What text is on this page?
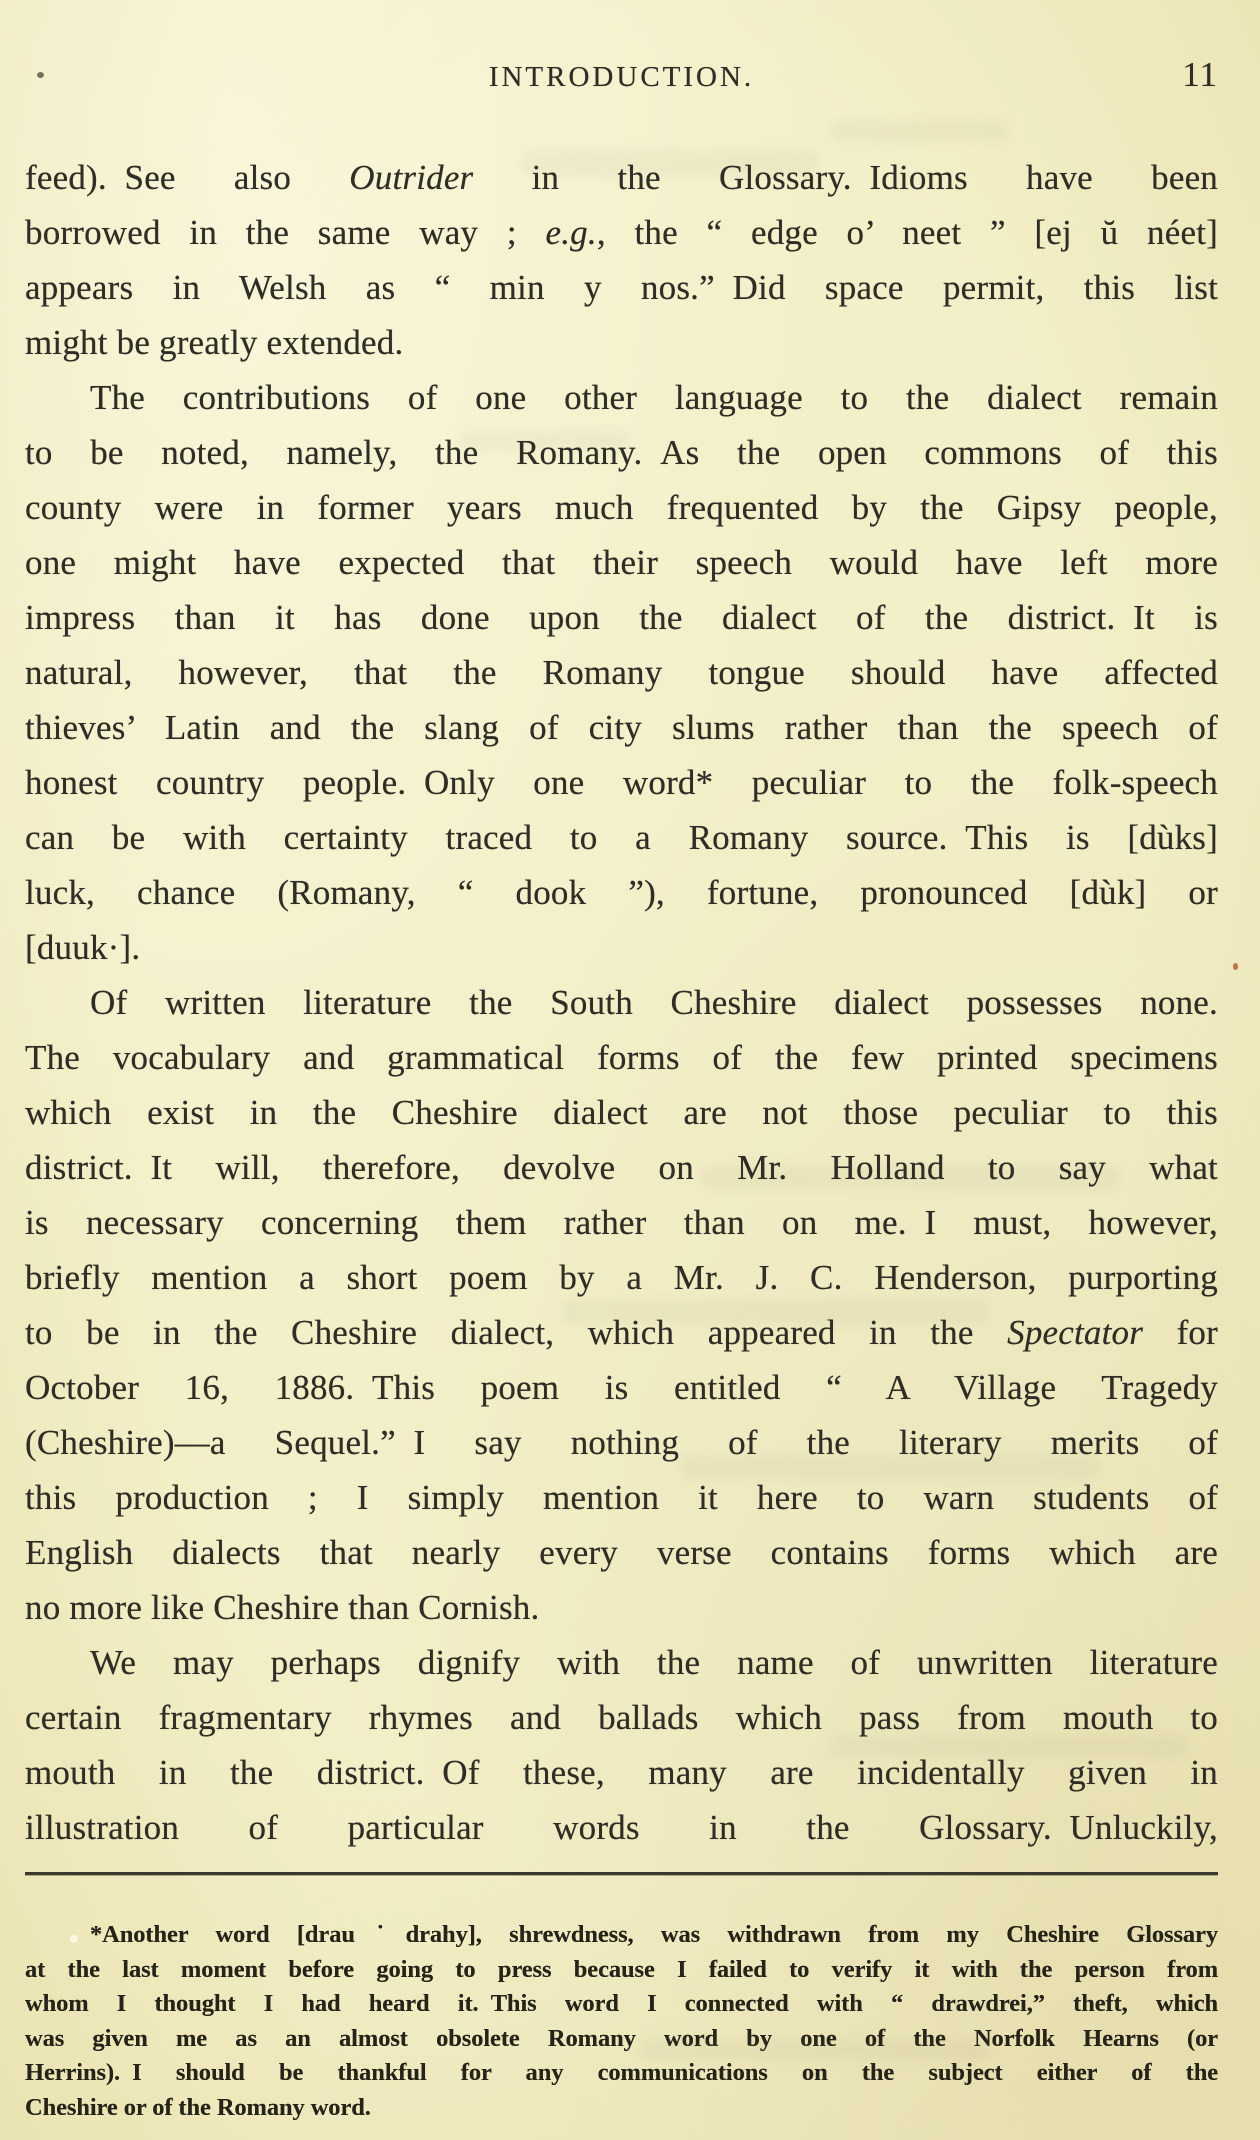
INTRODUCTION.	11
feed). See also Outrider in the Glossary. Idioms have been
borrowed in the same way ; e.g., the “ edge o’ neet ” [ej ŭ néet]
appears in Welsh as “ min y nos.” Did space permit, this list
might be greatly extended.
The contributions of one other language to the dialect remain
to be noted, namely, the Romany. As the open commons of this
county were in former years much frequented by the Gipsy people,
one might have expected that their speech would have left more
impress than it has done upon the dialect of the district. It is
natural, however, that the Romany tongue should have affected
thieves’ Latin and the slang of city slums rather than the speech of
honest country people. Only one word* peculiar to the folk-speech
can be with certainty traced to a Romany source. This is [dùks]
luck, chance (Romany, “ dook ”), fortune, pronounced [dùk] or
[duuk·].
Of written literature the South Cheshire dialect possesses none.
The vocabulary and grammatical forms of the few printed specimens
which exist in the Cheshire dialect are not those peculiar to this
district. It will, therefore, devolve on Mr. Holland to say what
is necessary concerning them rather than on me. I must, however,
briefly mention a short poem by a Mr. J. C. Henderson, purporting
to be in the Cheshire dialect, which appeared in the Spectator for
October 16, 1886. This poem is entitled “ A Village Tragedy
(Cheshire)—a Sequel.” I say nothing of the literary merits of
this production ; I simply mention it here to warn students of
English dialects that nearly every verse contains forms which are
no more like Cheshire than Cornish.
We may perhaps dignify with the name of unwritten literature
certain fragmentary rhymes and ballads which pass from mouth to
mouth in the district. Of these, many are incidentally given in
illustration of particular words in the Glossary. Unluckily,
*Another word [drau˙drahy], shrewdness, was withdrawn from my Cheshire Glossary
at the last moment before going to press because I failed to verify it with the person from
whom I thought I had heard it. This word I connected with “ drawdrei,” theft, which
was given me as an almost obsolete Romany word by one of the Norfolk Hearns (or
Herrins). I should be thankful for any communications on the subject either of the
Cheshire or of the Romany word.
